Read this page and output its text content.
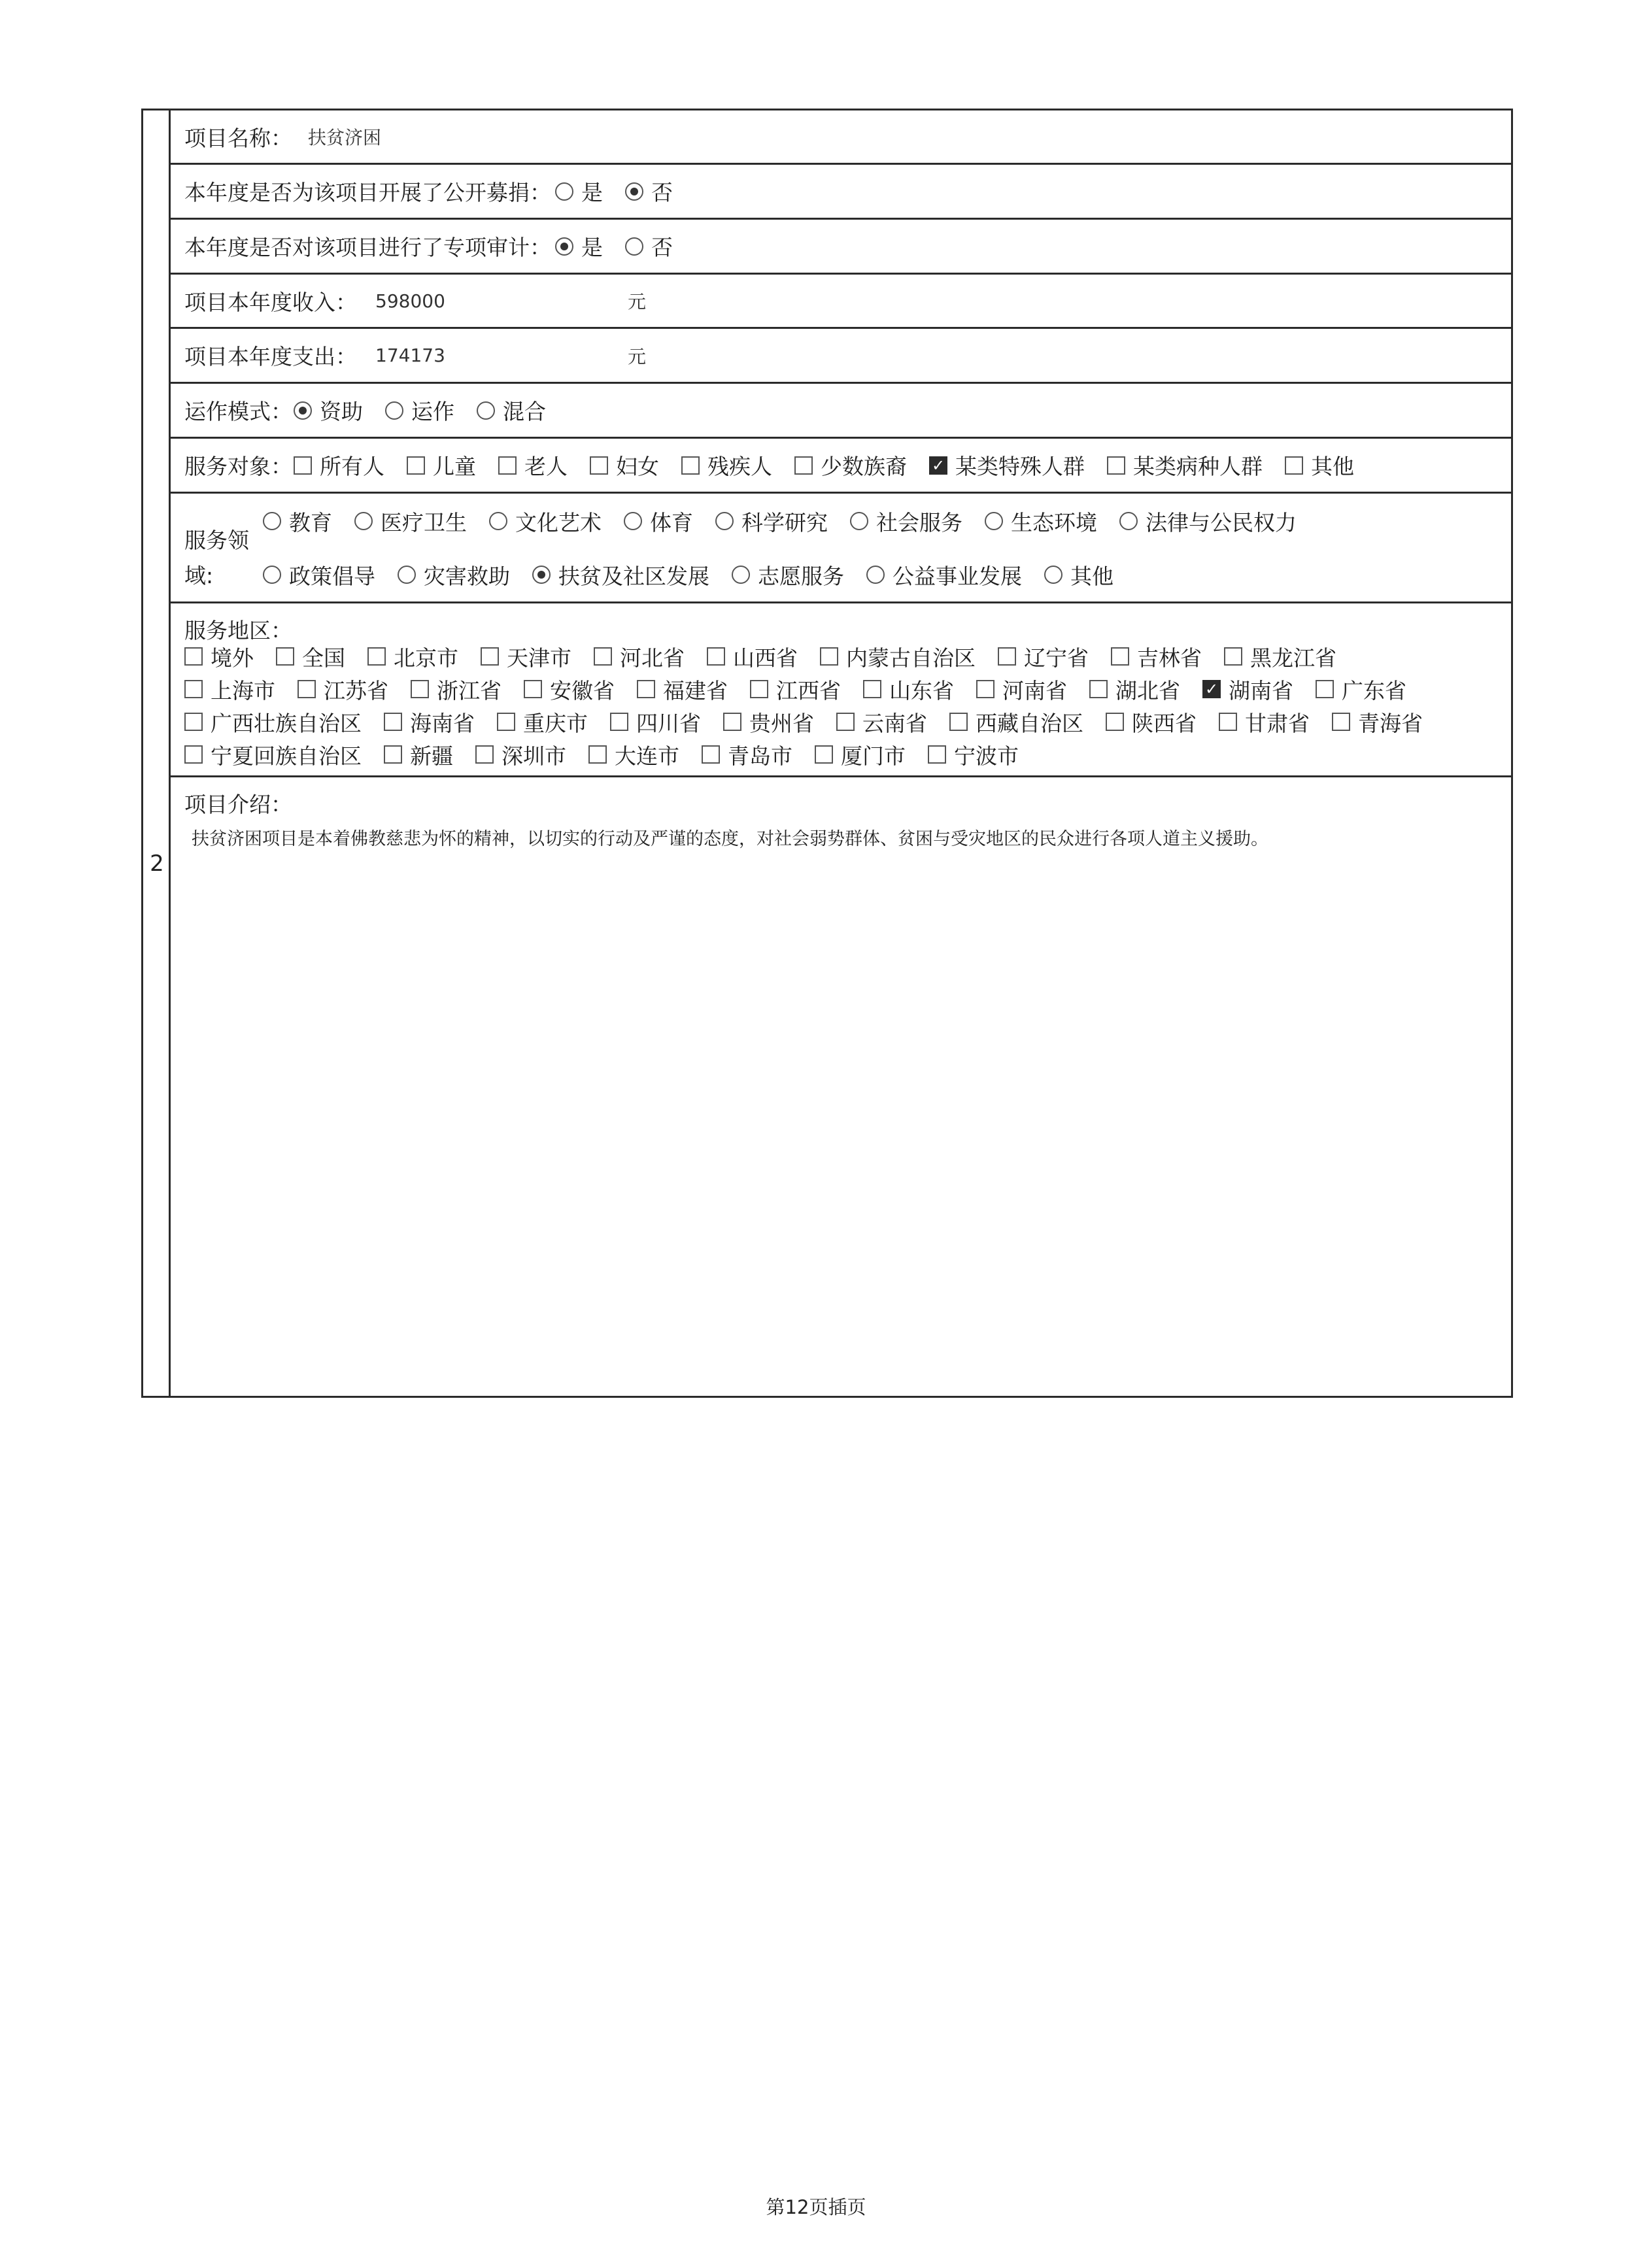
2
项目名称： 扶贫济困
本年度是否为该项目开展了公开募捐： 是 否
本年度是否对该项目进行了专项审计： 是 否
项目本年度收入：	598000	元
项目本年度支出：	174173	元
运作模式： 资助 运作 混合
服务对象： 所有人 儿童 老人 妇女 残疾人 少数族裔 ✓ 某类特殊人群 某类病种人群 其他
服务领
域:
教育 医疗卫生 文化艺术 体育 科学研究 社会服务 生态环境 法律与公民权力
政策倡导 灾害救助 扶贫及社区发展 志愿服务 公益事业发展 其他
服务地区：
境外 全国 北京市 天津市 河北省 山西省 内蒙古自治区 辽宁省 吉林省 黑龙江省
上海市 江苏省 浙江省 安徽省 福建省 江西省 山东省 河南省 湖北省 ✓ 湖南省 广东省
广西壮族自治区 海南省 重庆市 四川省 贵州省 云南省 西藏自治区 陕西省 甘肃省 青海省
宁夏回族自治区 新疆 深圳市 大连市 青岛市 厦门市 宁波市
项目介绍：
扶贫济困项目是本着佛教慈悲为怀的精神，以切实的行动及严谨的态度，对社会弱势群体、贫困与受灾地区的民众进行各项人道主义援助。
第12页插页
